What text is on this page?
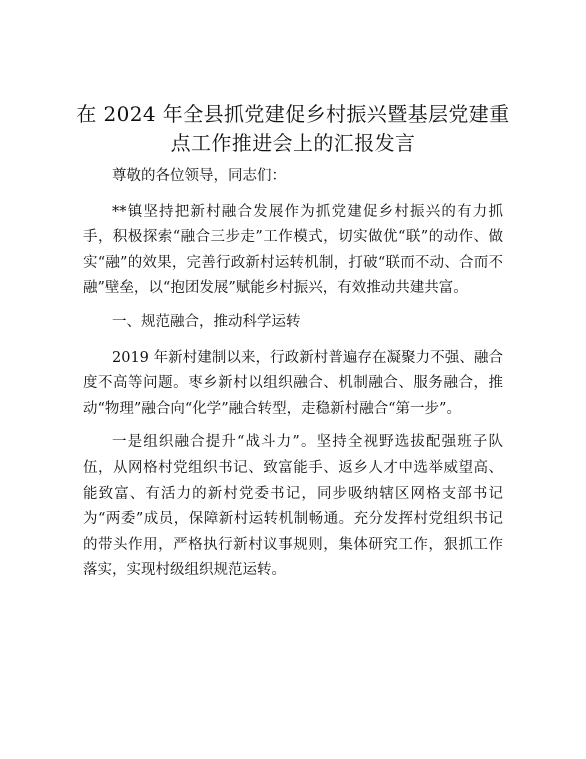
在 2024 年全县抓党建促乡村振兴暨基层党建重
点工作推进会上的汇报发言

尊敬的各位领导，同志们：

**镇坚持把新村融合发展作为抓党建促乡村振兴的有力抓手，积极探索“融合三步走”工作模式，切实做优“联”的动作、做实“融”的效果，完善行政新村运转机制，打破“联而不动、合而不融”壁垒，以“抱团发展”赋能乡村振兴，有效推动共建共富。

一、规范融合，推动科学运转

2019 年新村建制以来，行政新村普遍存在凝聚力不强、融合度不高等问题。枣乡新村以组织融合、机制融合、服务融合，推动“物理”融合向“化学”融合转型，走稳新村融合“第一步”。

一是组织融合提升“战斗力”。坚持全视野选拔配强班子队伍，从网格村党组织书记、致富能手、返乡人才中选举威望高、能致富、有活力的新村党委书记，同步吸纳辖区网格支部书记为“两委”成员，保障新村运转机制畅通。充分发挥村党组织书记的带头作用，严格执行新村议事规则，集体研究工作，狠抓工作落实，实现村级组织规范运转。
